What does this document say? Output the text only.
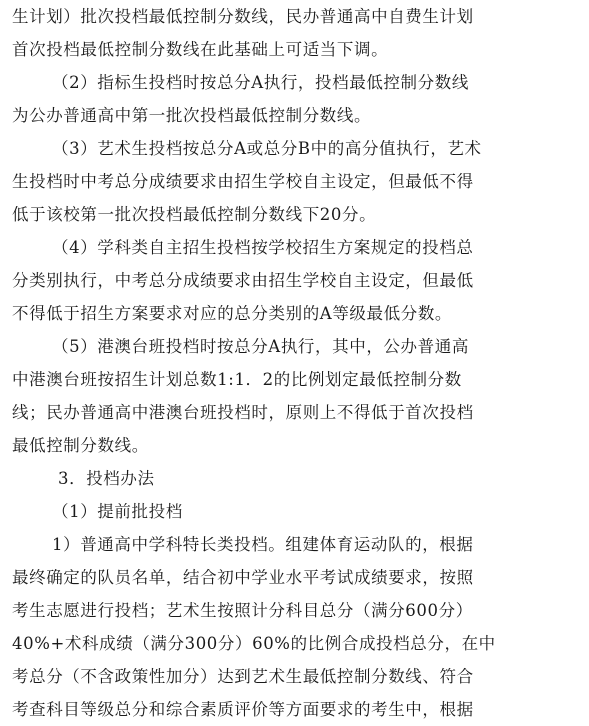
生计划）批次投档最低控制分数线，民办普通高中自费生计划
首次投档最低控制分数线在此基础上可适当下调。
（2）指标生投档时按总分A执行，投档最低控制分数线
为公办普通高中第一批次投档最低控制分数线。
（3）艺术生投档按总分A或总分B中的高分值执行，艺术
生投档时中考总分成绩要求由招生学校自主设定，但最低不得
低于该校第一批次投档最低控制分数线下20分。
（4）学科类自主招生投档按学校招生方案规定的投档总
分类别执行，中考总分成绩要求由招生学校自主设定，但最低
不得低于招生方案要求对应的总分类别的A等级最低分数。
（5）港澳台班投档时按总分A执行，其中，公办普通高
中港澳台班按招生计划总数1:1．2的比例划定最低控制分数
线；民办普通高中港澳台班投档时，原则上不得低于首次投档
最低控制分数线。
3．投档办法
（1）提前批投档
1）普通高中学科特长类投档。组建体育运动队的，根据
最终确定的队员名单，结合初中学业水平考试成绩要求，按照
考生志愿进行投档；艺术生按照计分科目总分（满分600分）
40%+术科成绩（满分300分）60%的比例合成投档总分，在中
考总分（不含政策性加分）达到艺术生最低控制分数线、符合
考查科目等级总分和综合素质评价等方面要求的考生中，根据
